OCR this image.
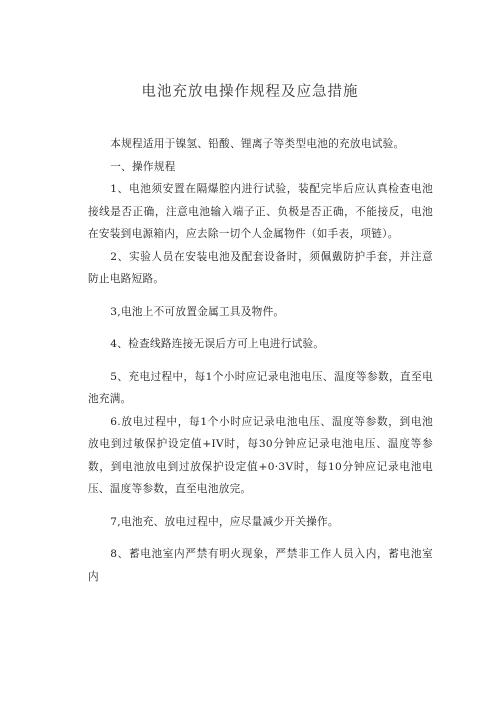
电池充放电操作规程及应急措施

本规程适用于镍氢、铅酸、锂离子等类型电池的充放电试验。

一、操作规程

1、电池须安置在隔爆腔内进行试验，装配完毕后应认真检查电池接线是否正确，注意电池输入端子正、负极是否正确，不能接反，电池在安装到电源箱内，应去除一切个人金属物件（如手表，项链）。

2、实验人员在安装电池及配套设备时，须佩戴防护手套，并注意防止电路短路。

3,电池上不可放置金属工具及物件。

4、检查线路连接无误后方可上电进行试验。

5、充电过程中，每1个小时应记录电池电压、温度等参数，直至电池充满。

6.放电过程中，每1个小时应记录电池电压、温度等参数，到电池放电到过敏保护设定值+IV时，每30分钟应记录电池电压、温度等参数，到电池放电到过放保护设定值+0·3V时，每10分钟应记录电池电压、温度等参数，直至电池放完。

7,电池充、放电过程中，应尽量减少开关操作。

8、蓄电池室内严禁有明火现象，严禁非工作人员入内，蓄电池室内
